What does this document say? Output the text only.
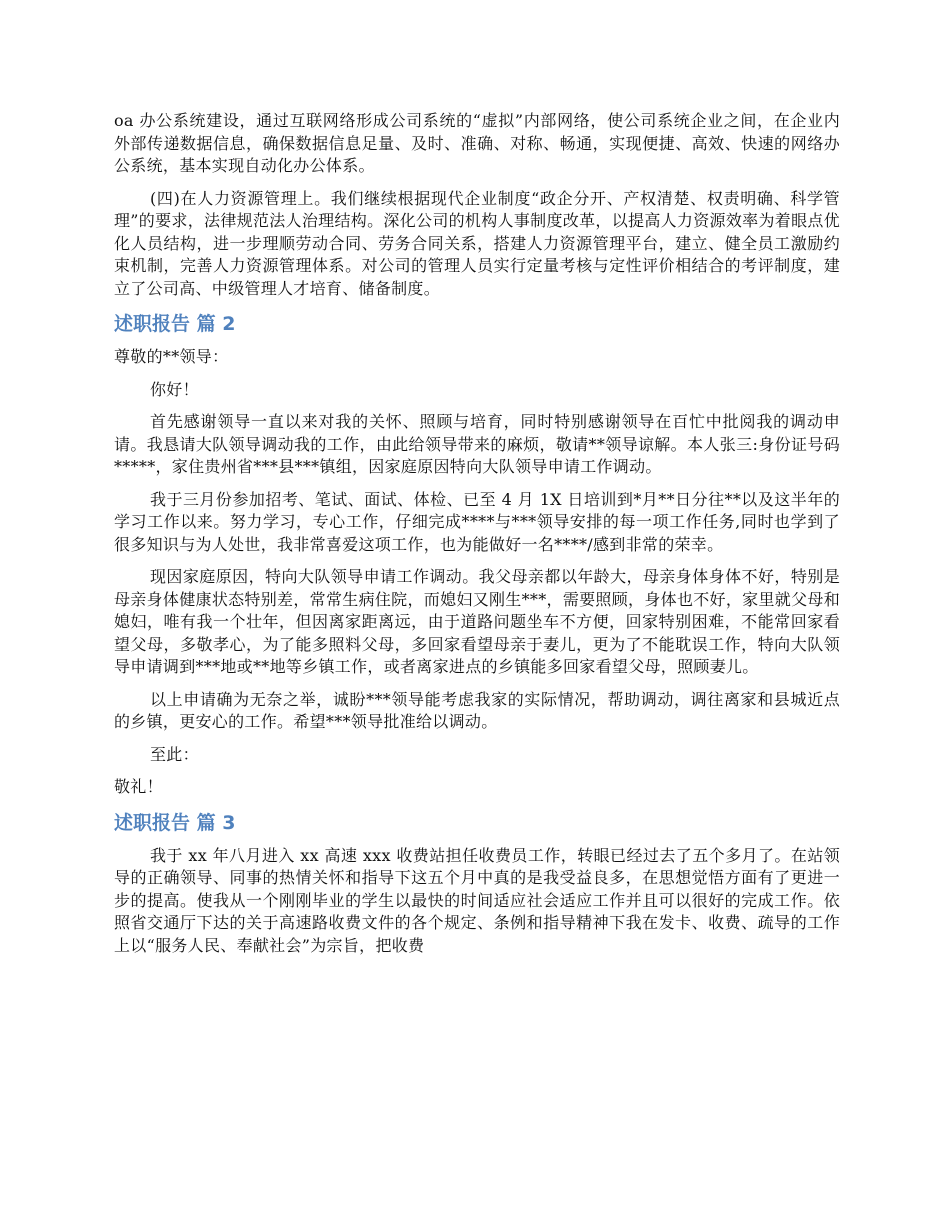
oa 办公系统建设，通过互联网络形成公司系统的“虚拟”内部网络，使公司系统企业之间，在企业内外部传递数据信息，确保数据信息足量、及时、准确、对称、畅通，实现便捷、高效、快速的网络办公系统，基本实现自动化办公体系。

(四)在人力资源管理上。我们继续根据现代企业制度“政企分开、产权清楚、权责明确、科学管理”的要求，法律规范法人治理结构。深化公司的机构人事制度改革，以提高人力资源效率为着眼点优化人员结构，进一步理顺劳动合同、劳务合同关系，搭建人力资源管理平台，建立、健全员工激励约束机制，完善人力资源管理体系。对公司的管理人员实行定量考核与定性评价相结合的考评制度，建立了公司高、中级管理人才培育、储备制度。

述职报告 篇 2

尊敬的**领导：

你好！

首先感谢领导一直以来对我的关怀、照顾与培育，同时特别感谢领导在百忙中批阅我的调动申请。我恳请大队领导调动我的工作，由此给领导带来的麻烦，敬请**领导谅解。本人张三:身份证号码*****，家住贵州省***县***镇组，因家庭原因特向大队领导申请工作调动。

我于三月份参加招考、笔试、面试、体检、已至 4 月 1X 日培训到*月**日分往**以及这半年的学习工作以来。努力学习，专心工作，仔细完成****与***领导安排的每一项工作任务,同时也学到了很多知识与为人处世，我非常喜爱这项工作，也为能做好一名****/感到非常的荣幸。

现因家庭原因，特向大队领导申请工作调动。我父母亲都以年龄大，母亲身体身体不好，特别是母亲身体健康状态特别差，常常生病住院，而媳妇又刚生***，需要照顾，身体也不好，家里就父母和媳妇，唯有我一个壮年，但因离家距离远，由于道路问题坐车不方便，回家特别困难，不能常回家看望父母，多敬孝心，为了能多照料父母，多回家看望母亲于妻儿，更为了不能耽误工作，特向大队领导申请调到***地或**地等乡镇工作，或者离家进点的乡镇能多回家看望父母，照顾妻儿。

以上申请确为无奈之举，诚盼***领导能考虑我家的实际情况，帮助调动，调往离家和县城近点的乡镇，更安心的工作。希望***领导批准给以调动。

至此：

敬礼！

述职报告 篇 3

我于 xx 年八月进入 xx 高速 xxx 收费站担任收费员工作，转眼已经过去了五个多月了。在站领导的正确领导、同事的热情关怀和指导下这五个月中真的是我受益良多，在思想觉悟方面有了更进一步的提高。使我从一个刚刚毕业的学生以最快的时间适应社会适应工作并且可以很好的完成工作。依照省交通厅下达的关于高速路收费文件的各个规定、条例和指导精神下我在发卡、收费、疏导的工作上以“服务人民、奉献社会”为宗旨，把收费
